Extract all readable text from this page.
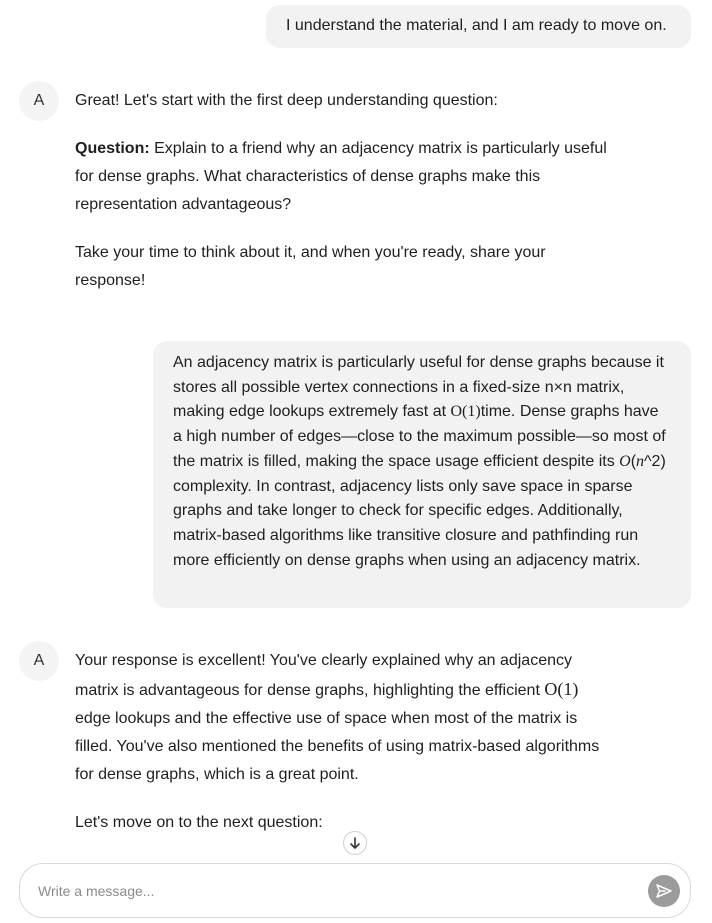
I understand the material, and I am ready to move on.
A Great! Let's start with the first deep understanding question:

Question: Explain to a friend why an adjacency matrix is particularly useful for dense graphs. What characteristics of dense graphs make this representation advantageous?

Take your time to think about it, and when you're ready, share your response!

An adjacency matrix is particularly useful for dense graphs because it stores all possible vertex connections in a fixed-size n×n matrix, making edge lookups extremely fast at O(1)time. Dense graphs have a high number of edges—close to the maximum possible—so most of the matrix is filled, making the space usage efficient despite its O(n^2) complexity. In contrast, adjacency lists only save space in sparse graphs and take longer to check for specific edges. Additionally, matrix-based algorithms like transitive closure and pathfinding run more efficiently on dense graphs when using an adjacency matrix.
A Your response is excellent! You've clearly explained why an adjacency matrix is advantageous for dense graphs, highlighting the efficient O(1) edge lookups and the effective use of space when most of the matrix is filled. You've also mentioned the benefits of using matrix-based algorithms for dense graphs, which is a great point.

Let's move on to the next question:

Write a message...
